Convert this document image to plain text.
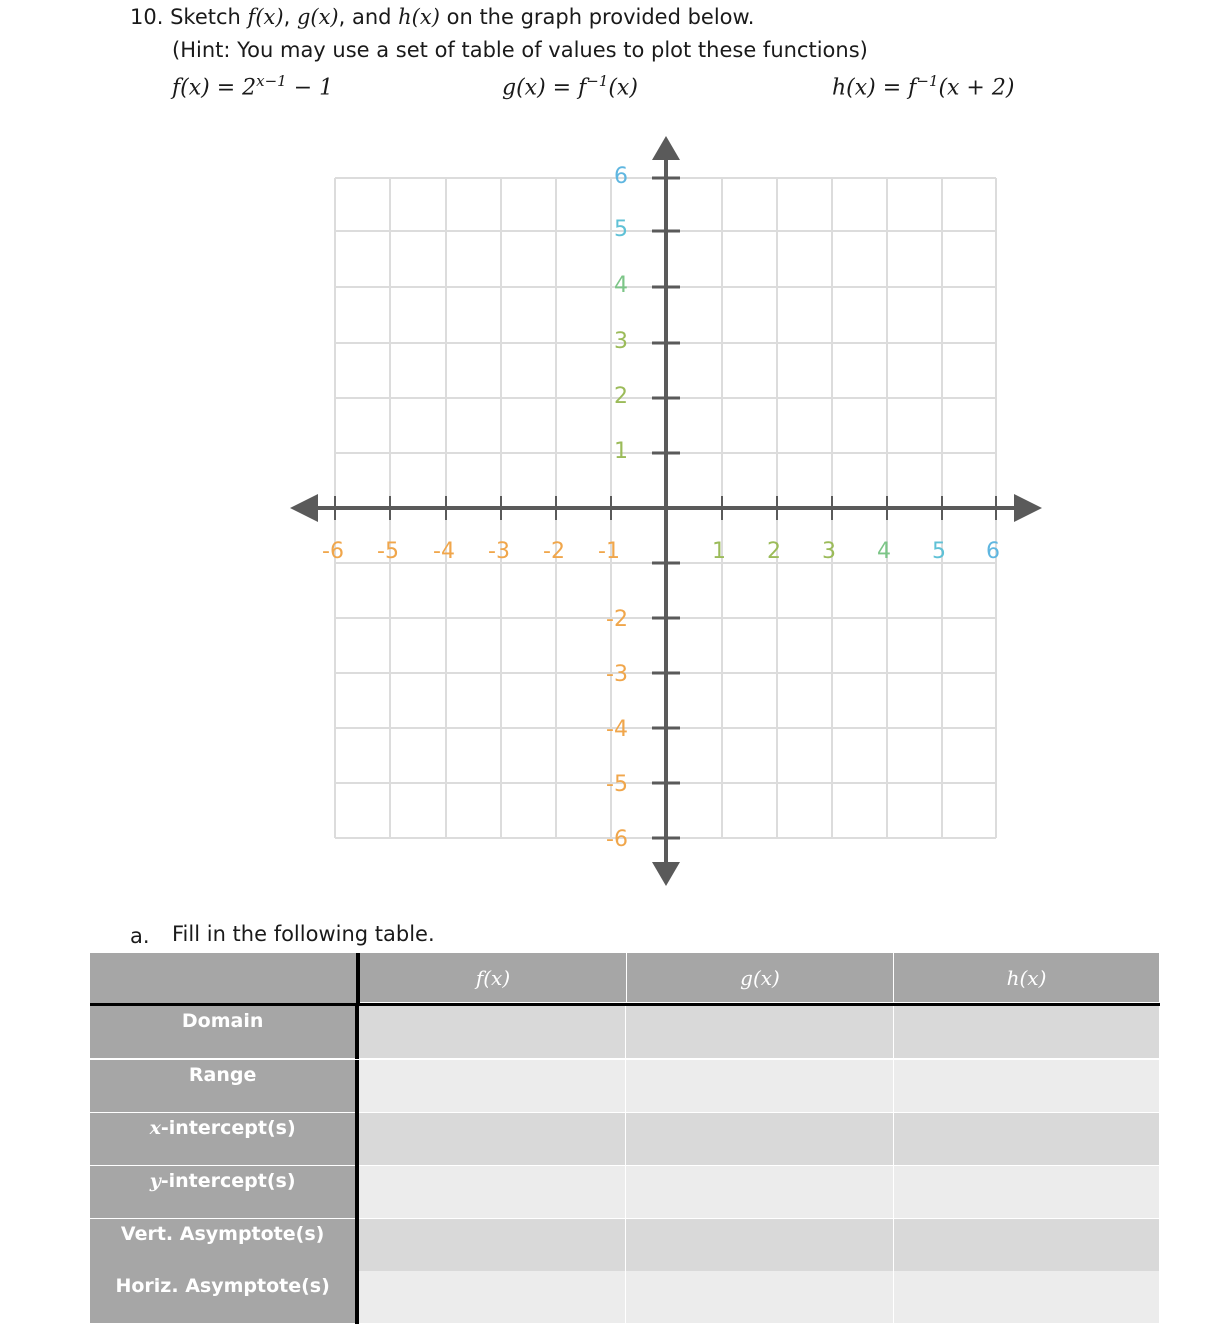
10. Sketch f(x), g(x), and h(x) on the graph provided below.
(Hint: You may use a set of table of values to plot these functions)
$f(x) = 2^{x-1} - 1$	$g(x) = f^{-1}(x)$	$h(x) = f^{-1}(x + 2)$
-6 -5 -4 -3 -2 -1	1 2 3 4 5 6
6
5
4
3
2
1
-2
-3
-4
-5
-6
a. Fill in the following table.
f(x)	g(x)	h(x)
Domain
Range
x -intercept(s)
y -intercept(s)
Vert. Asymptote(s)
Horiz. Asymptote(s)
